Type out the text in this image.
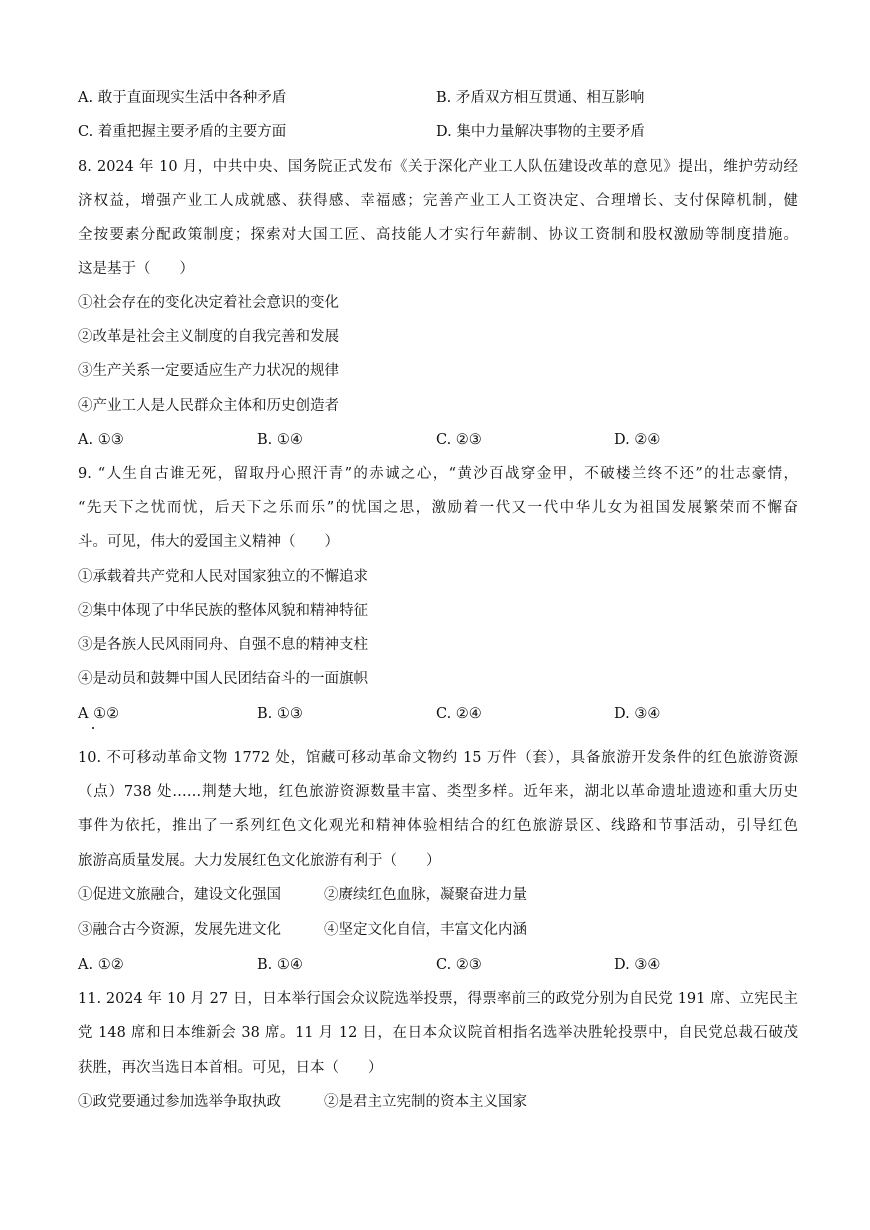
A. 敢于直面现实生活中各种矛盾	B. 矛盾双方相互贯通、相互影响
C. 着重把握主要矛盾的主要方面	D. 集中力量解决事物的主要矛盾
8. 2024 年 10 月，中共中央、国务院正式发布《关于深化产业工人队伍建设改革的意见》提出，维护劳动经
济权益，增强产业工人成就感、获得感、幸福感；完善产业工人工资决定、合理增长、支付保障机制，健
全按要素分配政策制度；探索对大国工匠、高技能人才实行年薪制、协议工资制和股权激励等制度措施。
这是基于（　　）
①社会存在的变化决定着社会意识的变化
②改革是社会主义制度的自我完善和发展
③生产关系一定要适应生产力状况的规律
④产业工人是人民群众主体和历史创造者
A. ①③	B. ①④	C. ②③	D. ②④
9. “人生自古谁无死，留取丹心照汗青”的赤诚之心，“黄沙百战穿金甲，不破楼兰终不还”的壮志豪情，
“先天下之忧而忧，后天下之乐而乐”的忧国之思，激励着一代又一代中华儿女为祖国发展繁荣而不懈奋
斗。可见，伟大的爱国主义精神（　　）
①承载着共产党和人民对国家独立的不懈追求
②集中体现了中华民族的整体风貌和精神特征
③是各族人民风雨同舟、自强不息的精神支柱
④是动员和鼓舞中国人民团结奋斗的一面旗帜
A ①②	B. ①③	C. ②④	D. ③④
10. 不可移动革命文物 1772 处，馆藏可移动革命文物约 15 万件（套），具备旅游开发条件的红色旅游资源
（点）738 处……荆楚大地，红色旅游资源数量丰富、类型多样。近年来，湖北以革命遗址遗迹和重大历史
事件为依托，推出了一系列红色文化观光和精神体验相结合的红色旅游景区、线路和节事活动，引导红色
旅游高质量发展。大力发展红色文化旅游有利于（　　）
①促进文旅融合，建设文化强国	②赓续红色血脉，凝聚奋进力量
③融合古今资源，发展先进文化	④坚定文化自信，丰富文化内涵
A. ①②	B. ①④	C. ②③	D. ③④
11. 2024 年 10 月 27 日，日本举行国会众议院选举投票，得票率前三的政党分别为自民党 191 席、立宪民主
党 148 席和日本维新会 38 席。11 月 12 日，在日本众议院首相指名选举决胜轮投票中，自民党总裁石破茂
获胜，再次当选日本首相。可见，日本（　　）
①政党要通过参加选举争取执政	②是君主立宪制的资本主义国家
